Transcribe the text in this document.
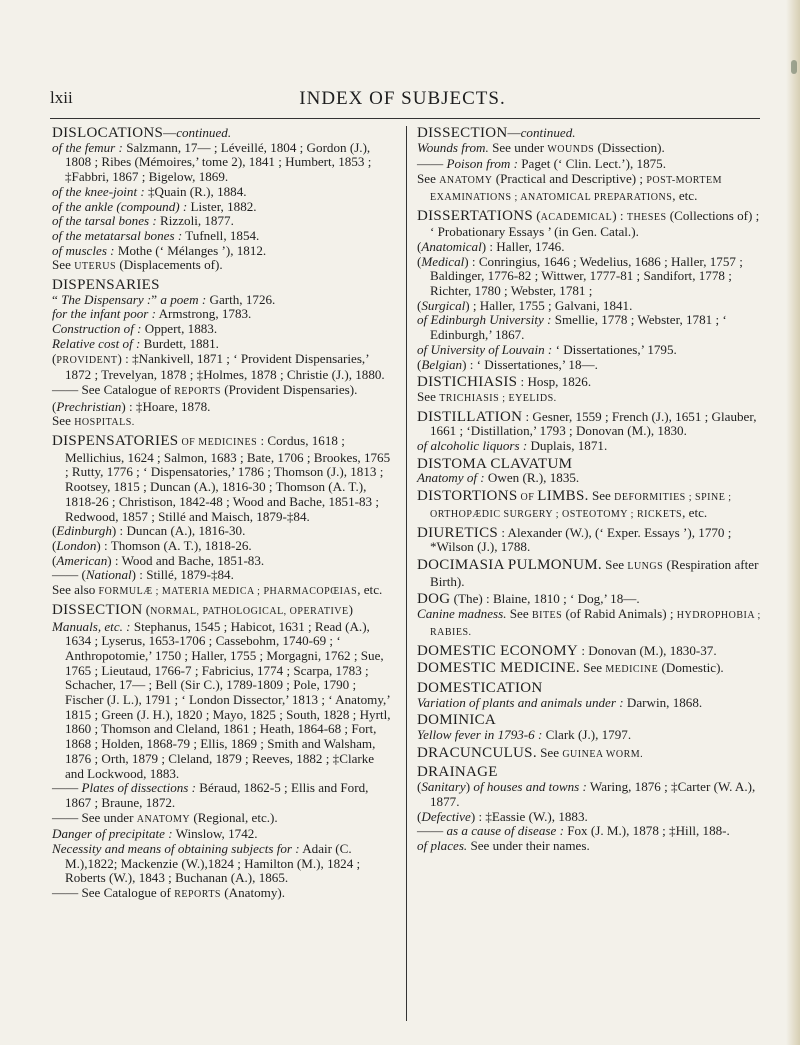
lxii	INDEX OF SUBJECTS.

DISLOCATIONS—continued.

of the femur : Salzmann, 17— ; Léveillé, 1804 ; Gordon (J.), 1808 ; Ribes (Mémoires,’ tome 2), 1841 ; Humbert, 1853 ; ‡Fabbri, 1867 ; Bigelow, 1869.

of the knee-joint : ‡Quain (R.), 1884.

of the ankle (compound) : Lister, 1882.

of the tarsal bones : Rizzoli, 1877.

of the metatarsal bones : Tufnell, 1854.

of muscles : Mothe (‘ Mélanges ’), 1812.

See UTERUS (Displacements of).

DISPENSARIES

“ The Dispensary :” a poem : Garth, 1726.

for the infant poor : Armstrong, 1783.

Construction of : Oppert, 1883.

Relative cost of : Burdett, 1881.

(PROVIDENT) : ‡Nankivell, 1871 ; ‘ Provident Dispensaries,’ 1872 ; Trevelyan, 1878 ; ‡Holmes, 1878 ; Christie (J.), 1880.

—— See Catalogue of REPORTS (Provident Dispensaries).

(Prechristian) : ‡Hoare, 1878.

See HOSPITALS.

DISPENSATORIES OF MEDICINES : Cordus, 1618 ; Mellichius, 1624 ; Salmon, 1683 ; Bate, 1706 ; Brookes, 1765 ; Rutty, 1776 ; ‘ Dispensatories,’ 1786 ; Thomson (J.), 1813 ; Rootsey, 1815 ; Duncan (A.), 1816-30 ; Thomson (A. T.), 1818-26 ; Christison, 1842-48 ; Wood and Bache, 1851-83 ; Redwood, 1857 ; Stillé and Maisch, 1879-‡84.

(Edinburgh) : Duncan (A.), 1816-30.

(London) : Thomson (A. T.), 1818-26.

(American) : Wood and Bache, 1851-83.

—— (National) : Stillé, 1879-‡84.

See also FORMULÆ ; MATERIA MEDICA ; PHARMACOPŒIAS, etc.

DISSECTION (NORMAL, PATHOLOGICAL, OPERATIVE)

Manuals, etc. : Stephanus, 1545 ; Habicot, 1631 ; Read (A.), 1634 ; Lyserus, 1653-1706 ; Cassebohm, 1740-69 ; ‘ Anthropotomie,’ 1750 ; Haller, 1755 ; Morgagni, 1762 ; Sue, 1765 ; Lieutaud, 1766-7 ; Fabricius, 1774 ; Scarpa, 1783 ; Schacher, 17— ; Bell (Sir C.), 1789-1809 ; Pole, 1790 ; Fischer (J. L.), 1791 ; ‘ London Dissector,’ 1813 ; ‘ Anatomy,’ 1815 ; Green (J. H.), 1820 ; Mayo, 1825 ; South, 1828 ; Hyrtl, 1860 ; Thomson and Cleland, 1861 ; Heath, 1864-68 ; Fort, 1868 ; Holden, 1868-79 ; Ellis, 1869 ; Smith and Walsham, 1876 ; Orth, 1879 ; Cleland, 1879 ; Reeves, 1882 ; ‡Clarke and Lockwood, 1883.

—— Plates of dissections : Béraud, 1862-5 ; Ellis and Ford, 1867 ; Braune, 1872.

—— See under ANATOMY (Regional, etc.).

Danger of precipitate : Winslow, 1742.

Necessity and means of obtaining subjects for : Adair (C. M.),1822; Mackenzie (W.),1824 ; Hamilton (M.), 1824 ; Roberts (W.), 1843 ; Buchanan (A.), 1865.

—— See Catalogue of REPORTS (Anatomy).

DISSECTION—continued.

Wounds from. See under WOUNDS (Dissection).

—— Poison from : Paget (‘ Clin. Lect.’), 1875.

See ANATOMY (Practical and Descriptive) ; POST-MORTEM EXAMINATIONS ; ANATOMICAL PREPARATIONS, etc.

DISSERTATIONS (ACADEMICAL) : THESES (Collections of) ; ‘ Probationary Essays ’ (in Gen. Catal.).

(Anatomical) : Haller, 1746.

(Medical) : Conringius, 1646 ; Wedelius, 1686 ; Haller, 1757 ; Baldinger, 1776-82 ; Wittwer, 1777-81 ; Sandifort, 1778 ; Richter, 1780 ; Webster, 1781 ;

(Surgical) ; Haller, 1755 ; Galvani, 1841.

of Edinburgh University : Smellie, 1778 ; Webster, 1781 ; ‘ Edinburgh,’ 1867.

of University of Louvain : ‘ Dissertationes,’ 1795.

(Belgian) : ‘ Dissertationes,’ 18—.

DISTICHIASIS : Hosp, 1826.

See TRICHIASIS ; EYELIDS.

DISTILLATION : Gesner, 1559 ; French (J.), 1651 ; Glauber, 1661 ; ‘Distillation,’ 1793 ; Donovan (M.), 1830.

of alcoholic liquors : Duplais, 1871.

DISTOMA CLAVATUM

Anatomy of : Owen (R.), 1835.

DISTORTIONS OF LIMBS. See DEFORMITIES ; SPINE ; ORTHOPÆDIC SURGERY ; OSTEOTOMY ; RICKETS, etc.

DIURETICS : Alexander (W.), (‘ Exper. Essays ’), 1770 ; *Wilson (J.), 1788.

DOCIMASIA PULMONUM. See LUNGS (Respiration after Birth).

DOG (The) : Blaine, 1810 ; ‘ Dog,’ 18—.

Canine madness. See BITES (of Rabid Animals) ; HYDROPHOBIA ; RABIES.

DOMESTIC ECONOMY : Donovan (M.), 1830-37.

DOMESTIC MEDICINE. See MEDICINE (Domestic).

DOMESTICATION

Variation of plants and animals under : Darwin, 1868.

DOMINICA

Yellow fever in 1793-6 : Clark (J.), 1797.

DRACUNCULUS. See GUINEA WORM.

DRAINAGE

(Sanitary) of houses and towns : Waring, 1876 ; ‡Carter (W. A.), 1877.

(Defective) : ‡Eassie (W.), 1883.

—— as a cause of disease : Fox (J. M.), 1878 ; ‡Hill, 188-.

of places. See under their names.
